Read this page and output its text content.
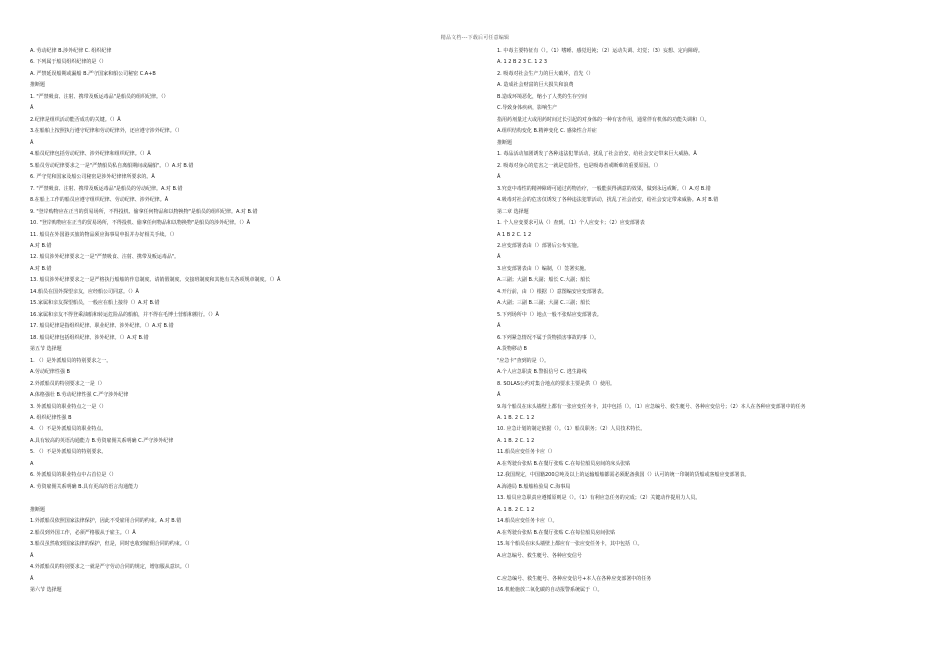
精品文档---下载后可任意编辑
A. 劳动纪律 B.涉外纪律 C. 组织纪律
6. 下列属于船员组织纪律的是（）
A. 严禁延误船期或漏船 B.严守国家和船公司秘密 C.A+B
推断题
1. "严禁吸食、注射、携带及贩运毒品"是船员的组织纪律。（）
Â
2.纪律是组织活动能否成功的关键。（）Â
3.在船舶上按照执行遵守纪律和劳动纪律外，还应遵守涉外纪律。（）
Â
4.船员纪律包括劳动纪律、涉外纪律和组织纪律。（）Â
5.船员劳动纪律要求之一是"严禁船员私自离船期间或漏船"。（）A.对 B.错
6. 严守党和国家及船公司秘密是涉外纪律律所要求的。Â
7. "严禁吸食、注射、携带及贩运毒品"是船员的劳动纪律。A.对 B.错
8.在船上工作的船员应遵守组织纪律、劳动纪律、涉外纪律。Â
9. "登岸购物应在正当的贸易场所，不得投机、偷拿任何物品和以物换物"是船员的组织纪律。A.对 B.错
10. "登岸购物应在正当的贸易场所，不得投机、偷拿任何物品和以物换物"是船员的涉外纪律。（）Â
11. 船员在外国港买旅的物品须应海事局申报并办好相关手续。（）
A.对 B.错
12. 船员涉外纪律要求之一是"严禁吸食、注射、携带及贩运毒品"。
A.对 B.错
13. 船员涉外纪律要求之一是严格执行船舶的作息制度、请销假制度、交接班制度和其他有关各项规章制度。（）Â
14.船员在国外探望亲友，应经船公司同意。（）Â
15.家属和亲友探望船员，一般应在船上接待（）A.对 B.错
16.家属和亲友不得登乘油船和转运危险品的船舶，并不得在毛博士营船和搬行。（）Â
17. 船员纪律是指组织纪律、职业纪律、涉外纪律。（）A.对 B.错
18. 船员纪律包括组织纪律、涉外纪律。（）A.对 B.错
第五节 选择题
1. （）是外派船员的特别要求之一。
A.劳动纪律性强 B
2.外派船员的特别要求之一是（）
A.体格强壮 B.劳动纪律性强 C.严守涉外纪律
3. 外派船员的职业特点之一是（）
A. 组织纪律性强 B
4. （）不是外派船员的职业特点。
A.具有较高的英语沟通能力 B.劳资雇佣关系明确 C.严守涉外纪律
5. （）不是外派船员的特别要求。
A
6. 外派船员的职业特点中占首位是（）
A. 劳资雇佣关系明确 B.具有更高的语言沟通能力
推断题
1.外派船员依照国家法律保护，因此不受雇用合同的约束。A.对 B.错
2.船员到外国工作，必须严格服从于雇主。（）Â
3.船员虽然收到国家法律的保护，但是，同时也收到雇佣合同的约束。（）
Â
4.外派船员的特别要求之一就是严守劳动合同的规定，增加服从意识。（）
Â
第六节 选择题
1. 中毒主要特征有（）。（1）嗜睡、感觉迟钝；（2）运动失调、幻觉；（3）妄想、定向障碍。
A. 1 2 B 2 3 C. 1 2 3
2. 吸毒对社会生产力的巨大破坏，首先（）
A. 造成社会财富的巨大损失和浪费
B.造成环境恶化，缩小了人类的生存空间
C.导致身体疾病，影响生产
指用药剂量过大或用药时间过长引起的对身体的一种有害作用，通常伴有机体的功能失调和（）。
A.组织结构变化 B.精神变化 C. 感染性合并症
推断题
1. 毒品活动加剧诱发了各种违法犯罪活动，扰乱了社会治安，给社会安定带来巨大威胁。Â
2. 吸毒对身心的危害之一就是危险性，也是吸毒者戒断难的重要原因。（）
Â
3.究竟中毒性的精神障碍可通过药物治疗，一般能获得满意的效果，做到永远戒断。（）A.对 B.错
4.吸毒对社会的危害仅诱发了各种违法犯罪活动，扰乱了社会治安，给社会安定带来威胁。A.对 B.错
第二章 选择题
1. 个人应变要求可从（）查到。（1）个人应变卡；（2）应变部署表
A 1 B 2 C. 1 2
2.应变部署表由（）部署后公布实施。
Â
3.应变部署表由（）编制，（）签署实施。
A.三副；大副 B.大副；船长 C.大副；船长
4.开行前，由（）根据（）意图编安应变部署表。
A.大副；三副 B.三副；大副 C.三副；船长
5.下列场所中（）地点一般不张贴应变部署表。
Â
6.下列紧急情况不属于货物损害事故的事（）。
A.货物移动 B
"应急卡"查到的是（）。
A.个人应急职责 B.警报信号 C. 逃生路线
8. SOLAS公约对集合地点的要求主要是供（）使用。
Â
9.每个船员在床头墙壁上都有一张应变任务卡，其中包括（）。（1）应急编号、救生艇号、各种应变信号；（2）本人在各种应变部署中的任务
A. 1 B. 2 C. 1 2
10. 应急计划的制定依据（）。（1）船员职务；（2）人员技术特长。
A. 1 B. 2 C. 1 2
11.船员应变任务卡应（）
A.在驾驶台张贴 B.在餐厅张贴 C.在每位船员房间的床头张贴
12.我国规定，中国籍200总吨及以上的运输船舶都需必须配备我国（）认可的统一印制的货船或客船应变部署表。
A.海港局 B.船舶检验局 C.海事局
13. 船员应急职责应遵循原则是（）。（1）有利应急任务的完成；（2）关键动作提用力人员。
A. 1 B. 2 C. 1 2
14.船员应变任务卡应（）。
A.在驾驶台张贴 B.在餐厅张贴 C.在每位船员房间张贴
15.每个船员在床头墙壁上都应有一张应变任务卡，其中包括（）。
A.应急编号、救生艇号、各种应变信号
C.应急编号、救生艇号、各种应变信号+本人在各种应变部署中的任务
16.机舱施放二氧化碳的自动报警系统属于（）。
